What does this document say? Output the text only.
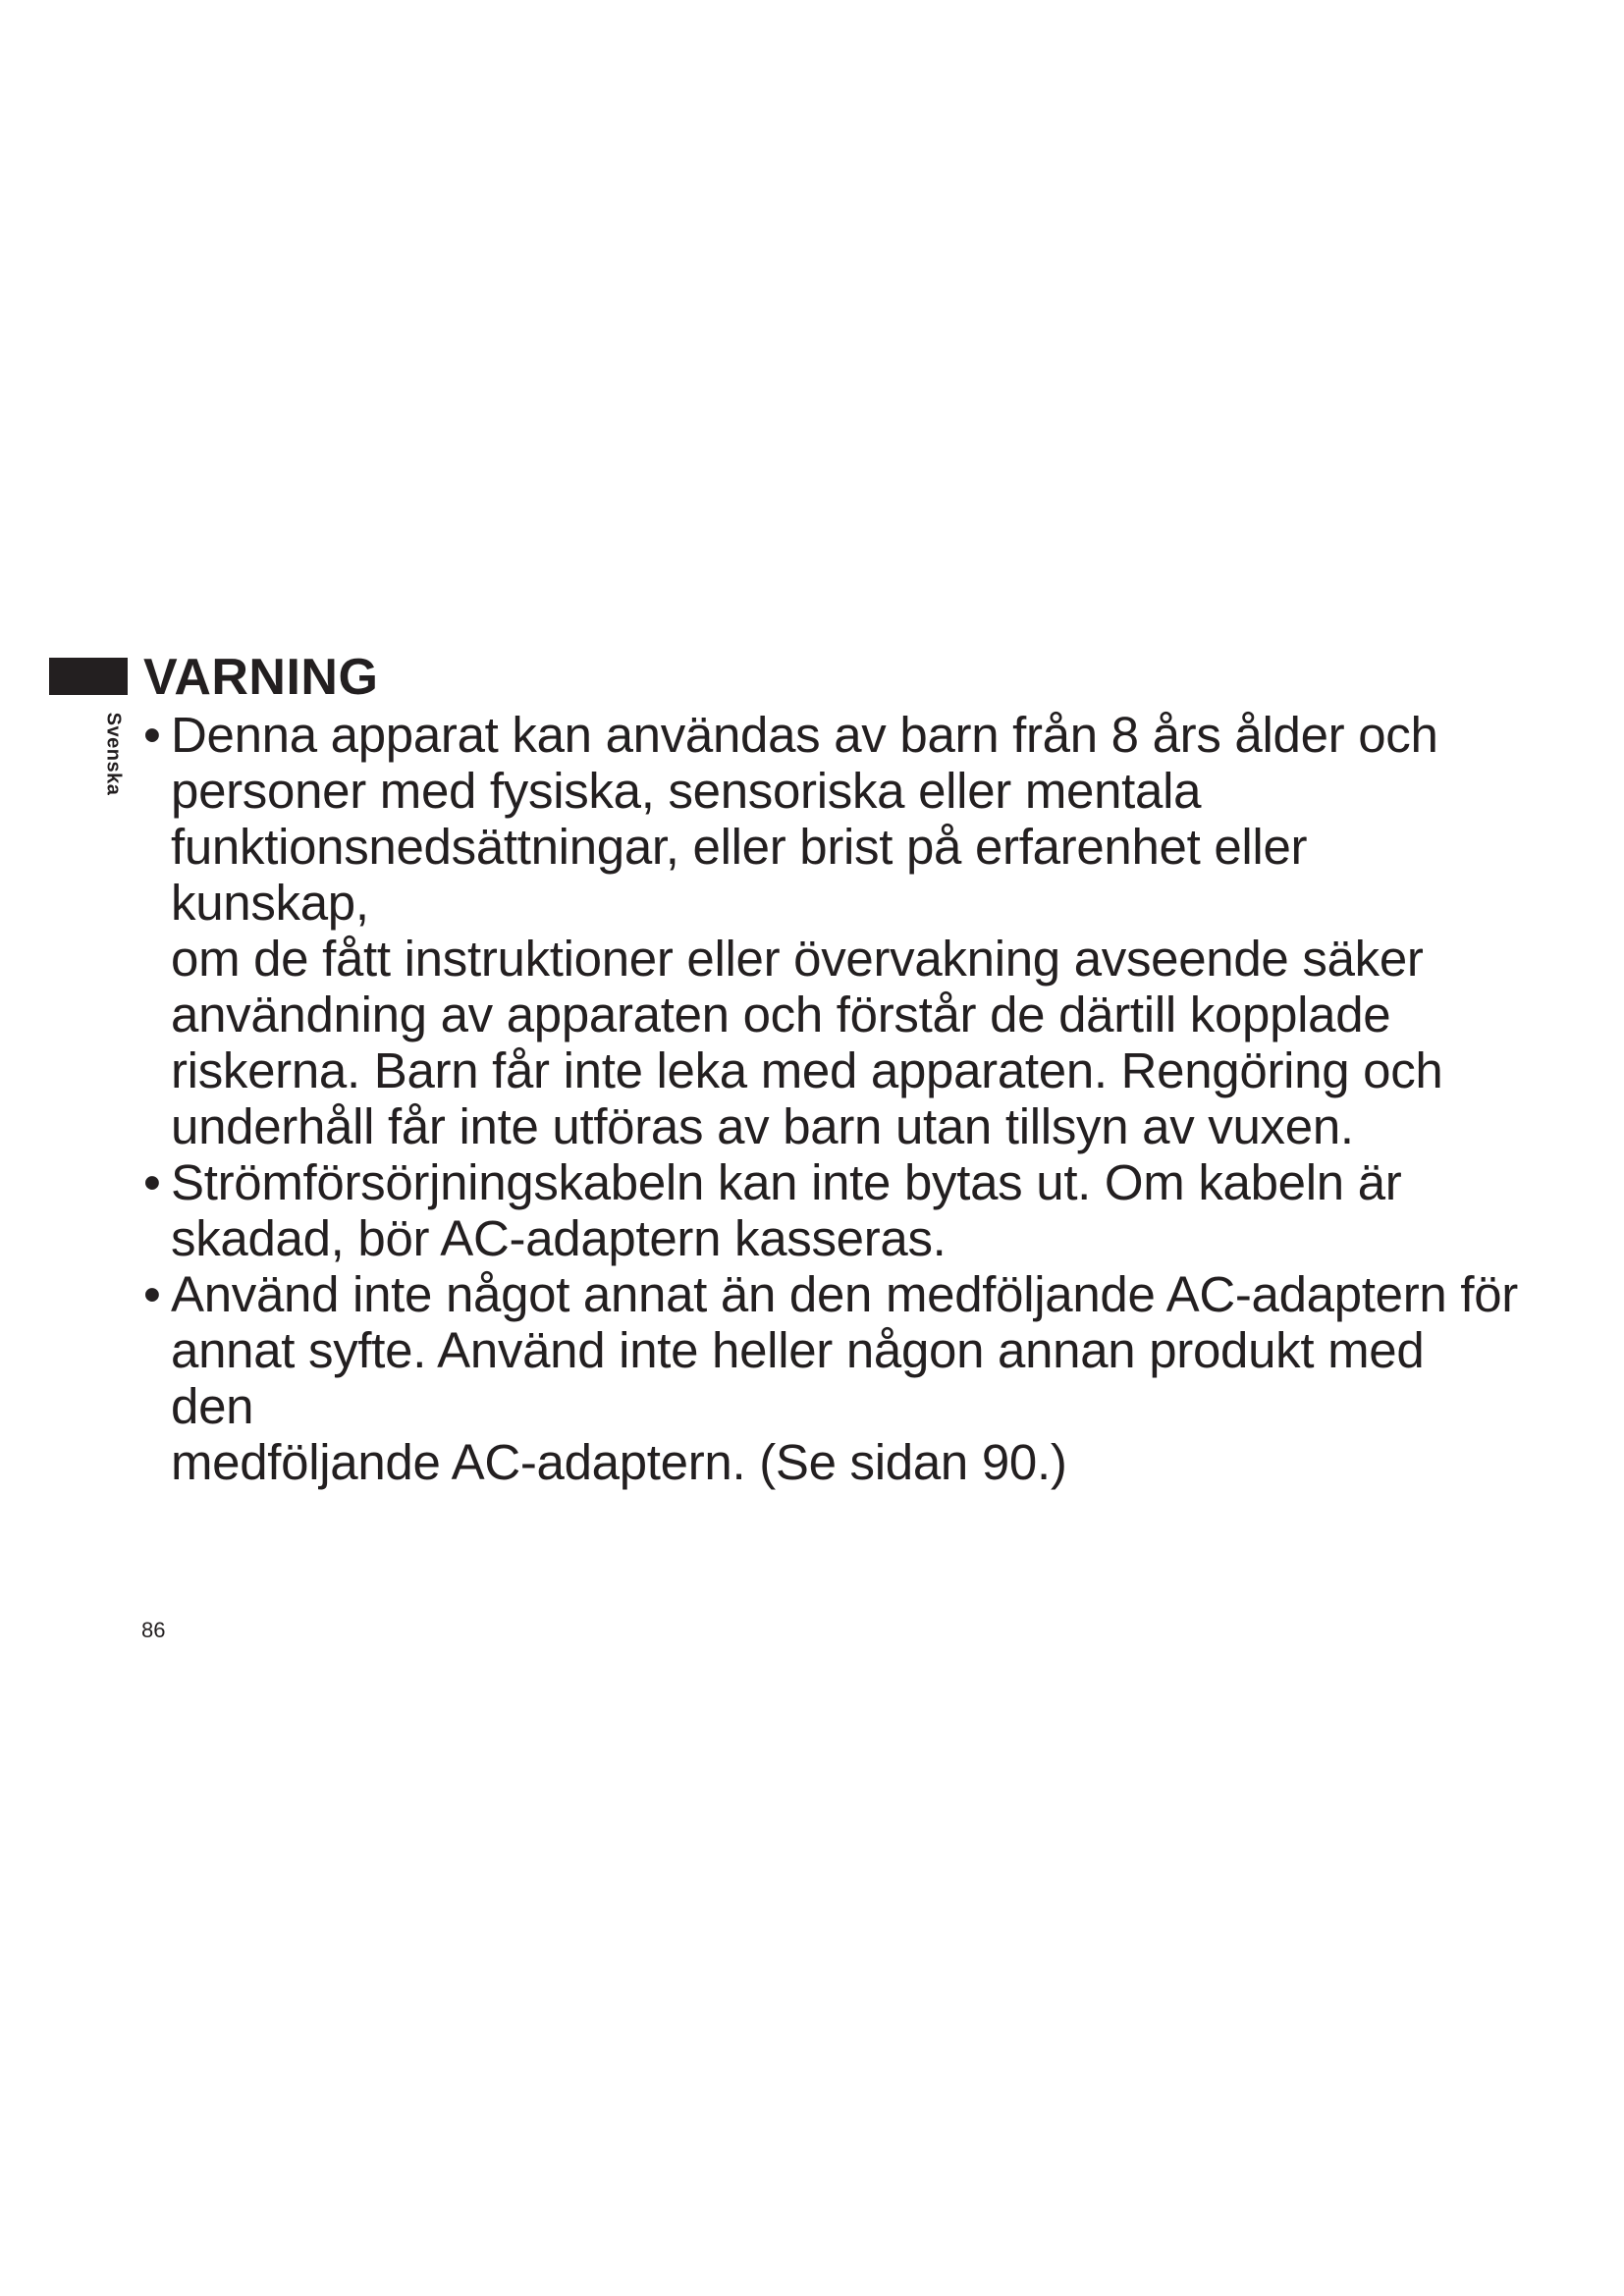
Svenska
VARNING
• Denna apparat kan användas av barn från 8 års ålder och
personer med fysiska, sensoriska eller mentala
funktionsnedsättningar, eller brist på erfarenhet eller kunskap,
om de fått instruktioner eller övervakning avseende säker
användning av apparaten och förstår de därtill kopplade
riskerna. Barn får inte leka med apparaten. Rengöring och
underhåll får inte utföras av barn utan tillsyn av vuxen.
• Strömförsörjningskabeln kan inte bytas ut. Om kabeln är
skadad, bör AC-adaptern kasseras.
• Använd inte något annat än den medföljande AC-adaptern för
annat syfte. Använd inte heller någon annan produkt med den
medföljande AC-adaptern. (Se sidan 90.)
86
